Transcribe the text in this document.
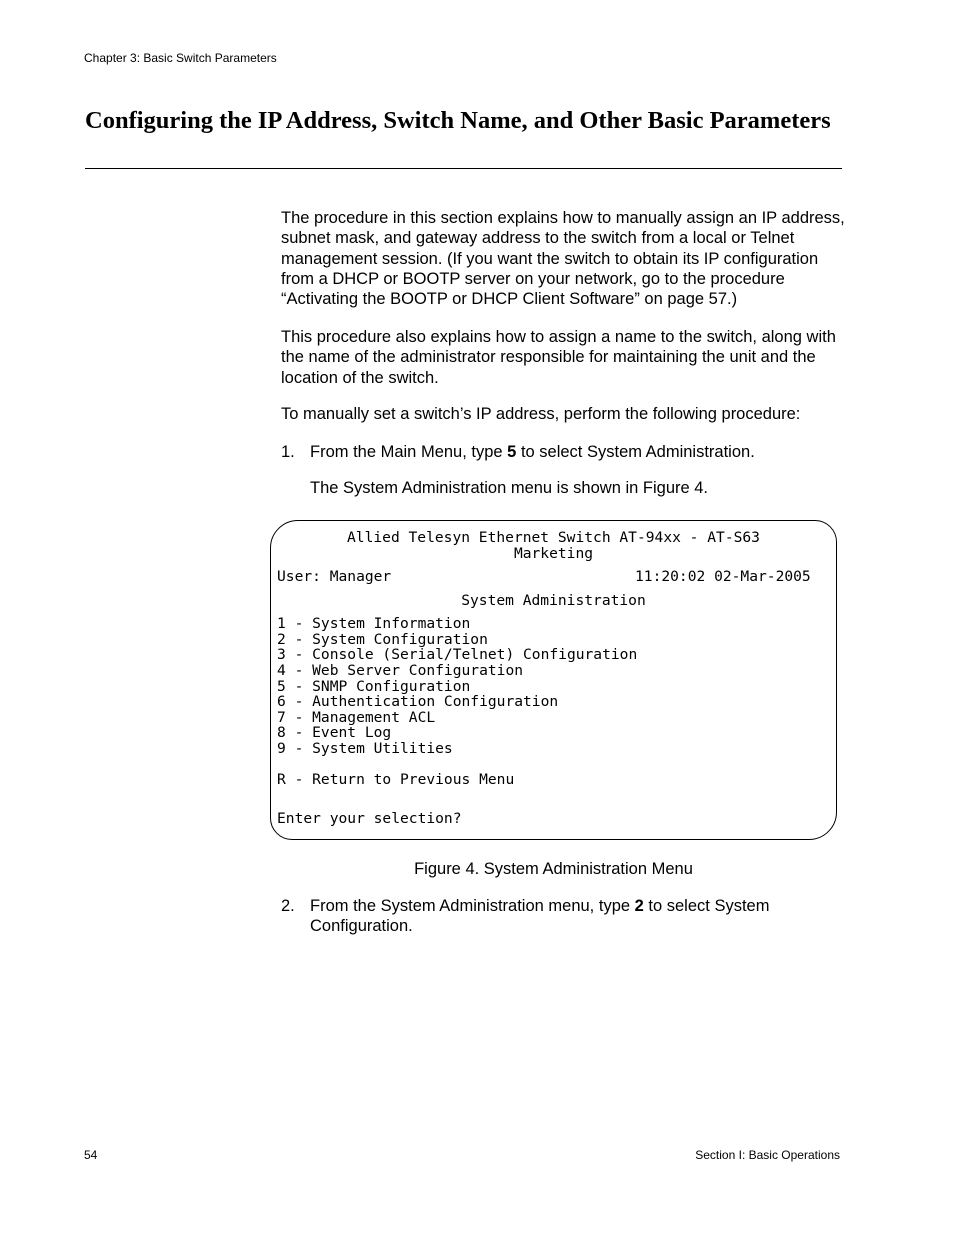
Chapter 3: Basic Switch Parameters
Configuring the IP Address, Switch Name, and Other Basic Parameters

The procedure in this section explains how to manually assign an IP address, subnet mask, and gateway address to the switch from a local or Telnet management session. (If you want the switch to obtain its IP configuration from a DHCP or BOOTP server on your network, go to the procedure “Activating the BOOTP or DHCP Client Software” on page 57.)

This procedure also explains how to assign a name to the switch, along with the name of the administrator responsible for maintaining the unit and the location of the switch.

To manually set a switch’s IP address, perform the following procedure:

1. From the Main Menu, type 5 to select System Administration.
The System Administration menu is shown in Figure 4.
Allied Telesyn Ethernet Switch AT-94xx - AT-S63
Marketing
User: Manager	11:20:02 02-Mar-2005
System Administration
1 - System Information
2 - System Configuration
3 - Console (Serial/Telnet) Configuration
4 - Web Server Configuration
5 - SNMP Configuration
6 - Authentication Configuration
7 - Management ACL
8 - Event Log
9 - System Utilities
R - Return to Previous Menu
Enter your selection?
Figure 4. System Administration Menu
2. From the System Administration menu, type 2 to select System Configuration.
54	Section I: Basic Operations
